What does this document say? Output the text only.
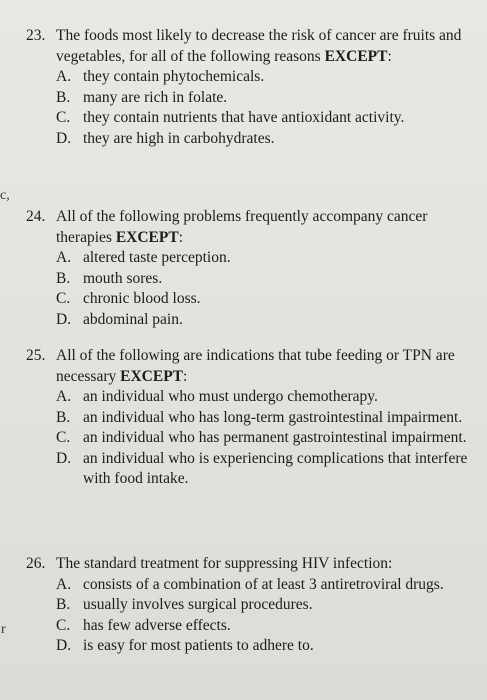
c,
r
23. The foods most likely to decrease the risk of cancer are fruits and vegetables, for all of the following reasons EXCEPT:
A. they contain phytochemicals.
B. many are rich in folate.
C. they contain nutrients that have antioxidant activity.
D. they are high in carbohydrates.
24. All of the following problems frequently accompany cancer therapies EXCEPT:
A. altered taste perception.
B. mouth sores.
C. chronic blood loss.
D. abdominal pain.
25. All of the following are indications that tube feeding or TPN are necessary EXCEPT:
A. an individual who must undergo chemotherapy.
B. an individual who has long-term gastrointestinal impairment.
C. an individual who has permanent gastrointestinal impairment.
D. an individual who is experiencing complications that interfere with food intake.
26. The standard treatment for suppressing HIV infection:
A. consists of a combination of at least 3 antiretroviral drugs.
B. usually involves surgical procedures.
C. has few adverse effects.
D. is easy for most patients to adhere to.
